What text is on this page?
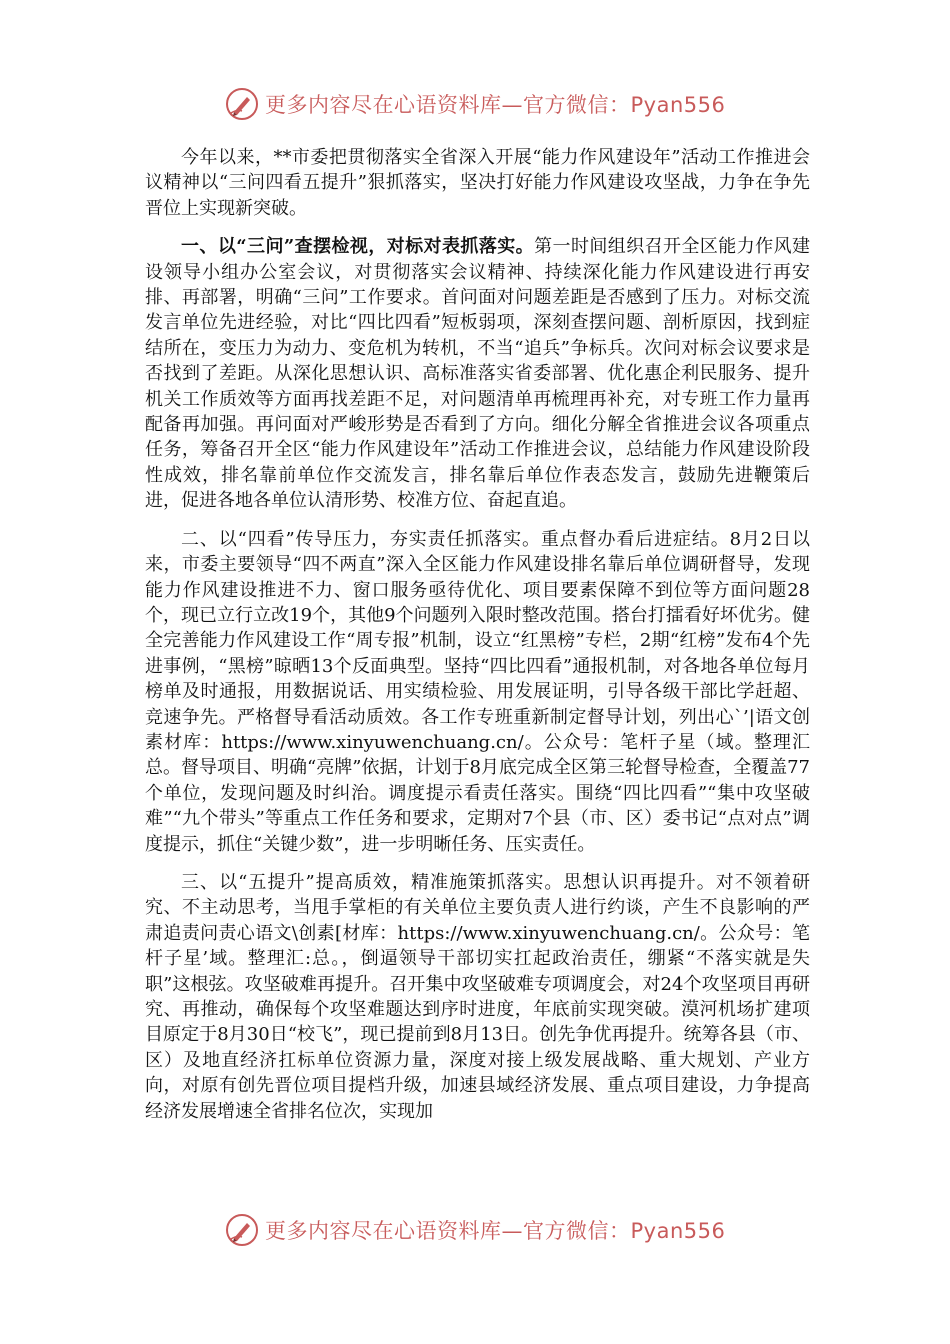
更多内容尽在心语资料库—官方微信：Pyan556

今年以来，**市委把贯彻落实全省深入开展“能力作风建设年”活动工作推进会议精神以“三问四看五提升”狠抓落实，坚决打好能力作风建设攻坚战，力争在争先晋位上实现新突破。

一、以“三问”查摆检视，对标对表抓落实。第一时间组织召开全区能力作风建设领导小组办公室会议，对贯彻落实会议精神、持续深化能力作风建设进行再安排、再部署，明确“三问”工作要求。首问面对问题差距是否感到了压力。对标交流发言单位先进经验，对比“四比四看”短板弱项，深刻查摆问题、剖析原因，找到症结所在，变压力为动力、变危机为转机，不当“追兵”争标兵。次问对标会议要求是否找到了差距。从深化思想认识、高标准落实省委部署、优化惠企利民服务、提升机关工作质效等方面再找差距不足，对问题清单再梳理再补充，对专班工作力量再配备再加强。再问面对严峻形势是否看到了方向。细化分解全省推进会议各项重点任务，筹备召开全区“能力作风建设年”活动工作推进会议，总结能力作风建设阶段性成效，排名靠前单位作交流发言，排名靠后单位作表态发言，鼓励先进鞭策后进，促进各地各单位认清形势、校准方位、奋起直追。

二、以“四看”传导压力，夯实责任抓落实。重点督办看后进症结。8月2日以来，市委主要领导“四不两直”深入全区能力作风建设排名靠后单位调研督导，发现能力作风建设推进不力、窗口服务亟待优化、项目要素保障不到位等方面问题28个，现已立行立改19个，其他9个问题列入限时整改范围。搭台打擂看好坏优劣。健全完善能力作风建设工作“周专报”机制，设立“红黑榜”专栏，2期“红榜”发布4个先进事例，“黑榜”晾晒13个反面典型。坚持“四比四看”通报机制，对各地各单位每月榜单及时通报，用数据说话、用实绩检验、用发展证明，引导各级干部比学赶超、竞速争先。严格督导看活动质效。各工作专班重新制定督导计划，列出心`’|语文创素材库：https://www.xinyuwenchuang.cn/。公众号：笔杆子星（域。整理汇总。督导项目、明确“亮牌”依据，计划于8月底完成全区第三轮督导检查，全覆盖77个单位，发现问题及时纠治。调度提示看责任落实。围绕“四比四看”“集中攻坚破难”“九个带头”等重点工作任务和要求，定期对7个县（市、区）委书记“点对点”调度提示，抓住“关键少数”，进一步明晰任务、压实责任。

三、以“五提升”提高质效，精准施策抓落实。思想认识再提升。对不领着研究、不主动思考，当甩手掌柜的有关单位主要负责人进行约谈，产生不良影响的严肃追责问责心语文\创素[材库：https://www.xinyuwenchuang.cn/。公众号：笔杆子星’域。整理汇:总。，倒逼领导干部切实扛起政治责任，绷紧“不落实就是失职”这根弦。攻坚破难再提升。召开集中攻坚破难专项调度会，对24个攻坚项目再研究、再推动，确保每个攻坚难题达到序时进度，年底前实现突破。漠河机场扩建项目原定于8月30日“校飞”，现已提前到8月13日。创先争优再提升。统筹各县（市、区）及地直经济扛标单位资源力量，深度对接上级发展战略、重大规划、产业方向，对原有创先晋位项目提档升级，加速县域经济发展、重点项目建设，力争提高经济发展增速全省排名位次，实现加

更多内容尽在心语资料库—官方微信：Pyan556
